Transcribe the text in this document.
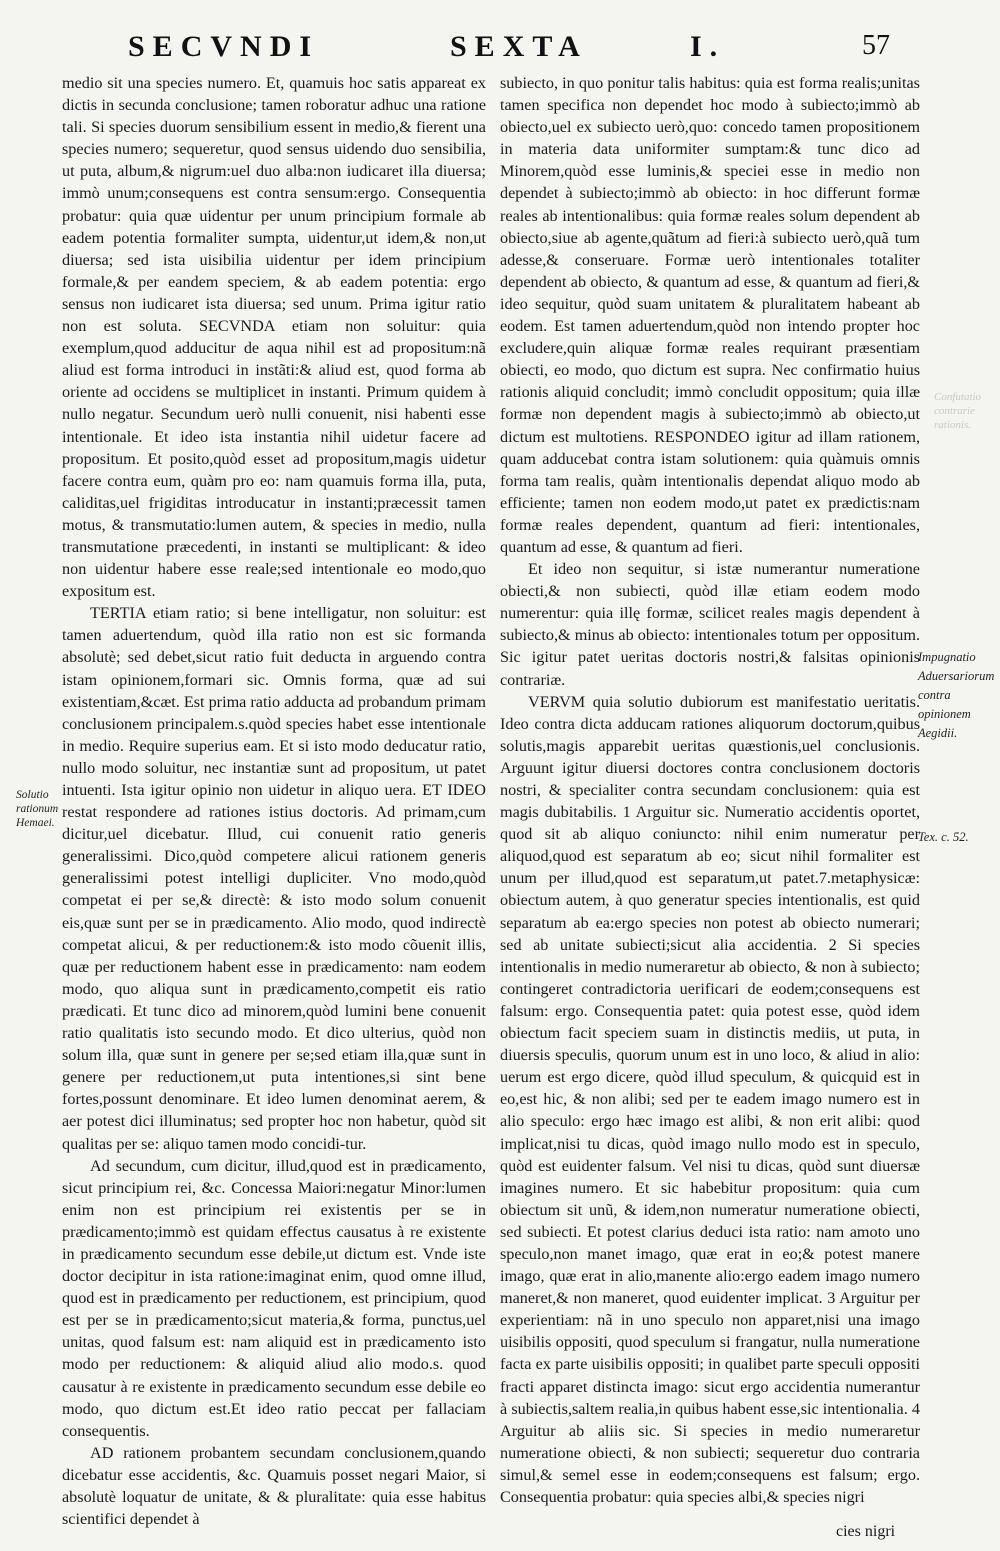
SECVNDI	SEXTA	I.	57
Solutio rationum Hemaei.
Confutatio contrarie rationis.
Impugnatio Aduersariorum contra opinionem Aegidii.
Tex. c. 52.

medio sit una species numero. Et, quamuis hoc satis appareat ex dictis in secunda conclusione; tamen roboratur adhuc una ratione tali. Si species duorum sensibilium essent in medio,& fierent una species numero; sequeretur, quod sensus uidendo duo sensibilia, ut puta, album,& nigrum:uel duo alba:non iudicaret illa diuersa; immò unum;consequens est contra sensum:ergo. Consequentia probatur: quia quæ uidentur per unum principium formale ab eadem potentia formaliter sumpta, uidentur,ut idem,& non,ut diuersa; sed ista uisibilia uidentur per idem principium formale,& per eandem speciem, & ab eadem potentia: ergo sensus non iudicaret ista diuersa; sed unum. Prima igitur ratio non est soluta. SECVNDA etiam non soluitur: quia exemplum,quod adducitur de aqua nihil est ad propositum:nã aliud est forma introduci in instãti:& aliud est, quod forma ab oriente ad occidens se multiplicet in instanti. Primum quidem à nullo negatur. Secundum uerò nulli conuenit, nisi habenti esse intentionale. Et ideo ista instantia nihil uidetur facere ad propositum. Et posito,quòd esset ad propositum,magis uidetur facere contra eum, quàm pro eo: nam quamuis forma illa, puta, caliditas,uel frigiditas introducatur in instanti;præcessit tamen motus, & transmutatio:lumen autem, & species in medio, nulla transmutatione præcedenti, in instanti se multiplicant: & ideo non uidentur habere esse reale;sed intentionale eo modo,quo expositum est.

TERTIA etiam ratio; si bene intelligatur, non soluitur: est tamen aduertendum, quòd illa ratio non est sic formanda absolutè; sed debet,sicut ratio fuit deducta in arguendo contra istam opinionem,formari sic. Omnis forma, quæ ad sui existentiam,&cæt. Est prima ratio adducta ad probandum primam conclusionem principalem.s.quòd species habet esse intentionale in medio. Require superius eam. Et si isto modo deducatur ratio, nullo modo soluitur, nec instantiæ sunt ad propositum, ut patet intuenti. Ista igitur opinio non uidetur in aliquo uera. ET IDEO restat respondere ad rationes istius doctoris. Ad primam,cum dicitur,uel dicebatur. Illud, cui conuenit ratio generis generalissimi. Dico,quòd competere alicui rationem generis generalissimi potest intelligi dupliciter. Vno modo,quòd competat ei per se,& directè: & isto modo solum conuenit eis,quæ sunt per se in prædicamento. Alio modo, quod indirectè competat alicui, & per reductionem:& isto modo cõuenit illis, quæ per reductionem habent esse in prædicamento: nam eodem modo, quo aliqua sunt in prædicamento,competit eis ratio prædicati. Et tunc dico ad minorem,quòd lumini bene conuenit ratio qualitatis isto secundo modo. Et dico ulterius, quòd non solum illa, quæ sunt in genere per se;sed etiam illa,quæ sunt in genere per reductionem,ut puta intentiones,si sint bene fortes,possunt denominare. Et ideo lumen denominat aerem, & aer potest dici illuminatus; sed propter hoc non habetur, quòd sit qualitas per se: aliquo tamen modo concidi-tur.

Ad secundum, cum dicitur, illud,quod est in prædicamento, sicut principium rei, &c. Concessa Maiori:negatur Minor:lumen enim non est principium rei existentis per se in prædicamento;immò est quidam effectus causatus à re existente in prædicamento secundum esse debile,ut dictum est. Vnde iste doctor decipitur in ista ratione:imaginat enim, quod omne illud, quod est in prædicamento per reductionem, est principium, quod est per se in prædicamento;sicut materia,& forma, punctus,uel unitas, quod falsum est: nam aliquid est in prædicamento isto modo per reductionem: & aliquid aliud alio modo.s. quod causatur à re existente in prædicamento secundum esse debile eo modo, quo dictum est.Et ideo ratio peccat per fallaciam consequentis.

AD rationem probantem secundam conclusionem,quando dicebatur esse accidentis, &c. Quamuis posset negari Maior, si absolutè loquatur de unitate, & & pluralitate: quia esse habitus scientifici dependet à

subiecto, in quo ponitur talis habitus: quia est forma realis;unitas tamen specifica non dependet hoc modo à subiecto;immò ab obiecto,uel ex subiecto uerò,quo: concedo tamen propositionem in materia data uniformiter sumptam:& tunc dico ad Minorem,quòd esse luminis,& speciei esse in medio non dependet à subiecto;immò ab obiecto: in hoc differunt formæ reales ab intentionalibus: quia formæ reales solum dependent ab obiecto,siue ab agente,quãtum ad fieri:à subiecto uerò,quã tum adesse,& conseruare. Formæ uerò intentionales totaliter dependent ab obiecto, & quantum ad esse, & quantum ad fieri,& ideo sequitur, quòd suam unitatem & pluralitatem habeant ab eodem. Est tamen aduertendum,quòd non intendo propter hoc excludere,quin aliquæ formæ reales requirant præsentiam obiecti, eo modo, quo dictum est supra. Nec confirmatio huius rationis aliquid concludit; immò concludit oppositum; quia illæ formæ non dependent magis à subiecto;immò ab obiecto,ut dictum est multotiens. RESPONDEO igitur ad illam rationem, quam adducebat contra istam solutionem: quia quàmuis omnis forma tam realis, quàm intentionalis dependat aliquo modo ab efficiente; tamen non eodem modo,ut patet ex prædictis:nam formæ reales dependent, quantum ad fieri: intentionales, quantum ad esse, & quantum ad fieri.

Et ideo non sequitur, si istæ numerantur numeratione obiecti,& non subiecti, quòd illæ etiam eodem modo numerentur: quia illę formæ, scilicet reales magis dependent à subiecto,& minus ab obiecto: intentionales totum per oppositum. Sic igitur patet ueritas doctoris nostri,& falsitas opinionis contrariæ.

VERVM quia solutio dubiorum est manifestatio ueritatis. Ideo contra dicta adducam rationes aliquorum doctorum,quibus solutis,magis apparebit ueritas quæstionis,uel conclusionis. Arguunt igitur diuersi doctores contra conclusionem doctoris nostri, & specialiter contra secundam conclusionem: quia est magis dubitabilis. 1 Arguitur sic. Numeratio accidentis oportet, quod sit ab aliquo coniuncto: nihil enim numeratur per aliquod,quod est separatum ab eo; sicut nihil formaliter est unum per illud,quod est separatum,ut patet.7.metaphysicæ: obiectum autem, à quo generatur species intentionalis, est quid separatum ab ea:ergo species non potest ab obiecto numerari; sed ab unitate subiecti;sicut alia accidentia. 2 Si species intentionalis in medio numeraretur ab obiecto, & non à subiecto; contingeret contradictoria uerificari de eodem;consequens est falsum: ergo. Consequentia patet: quia potest esse, quòd idem obiectum facit speciem suam in distinctis mediis, ut puta, in diuersis speculis, quorum unum est in uno loco, & aliud in alio: uerum est ergo dicere, quòd illud speculum, & quicquid est in eo,est hic, & non alibi; sed per te eadem imago numero est in alio speculo: ergo hæc imago est alibi, & non erit alibi: quod implicat,nisi tu dicas, quòd imago nullo modo est in speculo, quòd est euidenter falsum. Vel nisi tu dicas, quòd sunt diuersæ imagines numero. Et sic habebitur propositum: quia cum obiectum sit unũ, & idem,non numeratur numeratione obiecti, sed subiecti. Et potest clarius deduci ista ratio: nam amoto uno speculo,non manet imago, quæ erat in eo;& potest manere imago, quæ erat in alio,manente alio:ergo eadem imago numero maneret,& non maneret, quod euidenter implicat. 3 Arguitur per experientiam: nã in uno speculo non apparet,nisi una imago uisibilis oppositi, quod speculum si frangatur, nulla numeratione facta ex parte uisibilis oppositi; in qualibet parte speculi oppositi fracti apparet distincta imago: sicut ergo accidentia numerantur à subiectis,saltem realia,in quibus habent esse,sic intentionalia. 4 Arguitur ab aliis sic. Si species in medio numeraretur numeratione obiecti, & non subiecti; sequeretur duo contraria simul,& semel esse in eodem;consequens est falsum; ergo. Consequentia probatur: quia species albi,& species nigri

cies nigri
